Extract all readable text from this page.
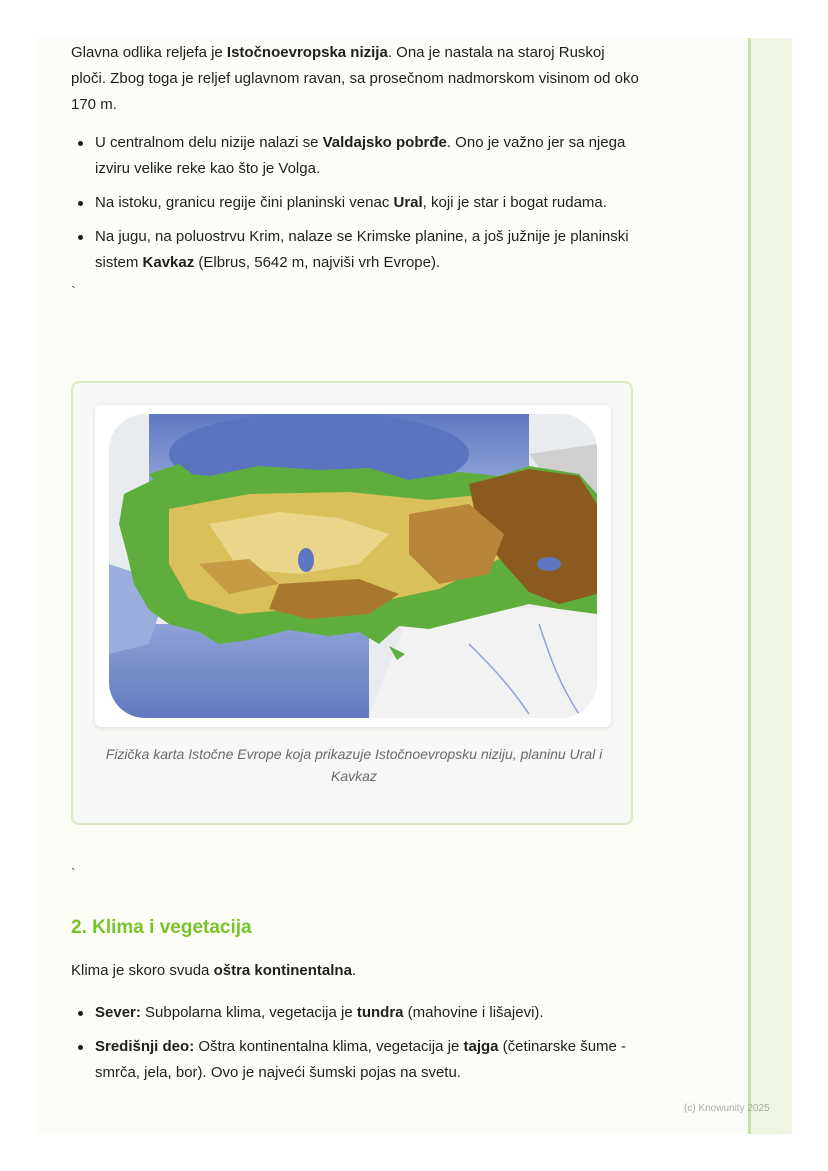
Glavna odlika reljefa je Istočnoevropska nizija. Ona je nastala na staroj Ruskoj ploči. Zbog toga je reljef uglavnom ravan, sa prosečnom nadmorskom visinom od oko 170 m.

U centralnom delu nizije nalazi se Valdajsko pobrđe. Ono je važno jer sa njega izviru velike reke kao što je Volga.
Na istoku, granicu regije čini planinski venac Ural, koji je star i bogat rudama.
Na jugu, na poluostrvu Krim, nalaze se Krimske planine, a još južnije je planinski sistem Kavkaz (Elbrus, 5642 m, najviši vrh Evrope).
`
Fizička karta Istočne Evrope koja prikazuje Istočnoevropsku niziju, planinu Ural i Kavkaz
`
2. Klima i vegetacija

Klima je skoro svuda oštra kontinentalna.

Sever: Subpolarna klima, vegetacija je tundra (mahovine i lišajevi).
Središnji deo: Oštra kontinentalna klima, vegetacija je tajga (četinarske šume - smrča, jela, bor). Ovo je najveći šumski pojas na svetu.
(c) Knowunity 2025
